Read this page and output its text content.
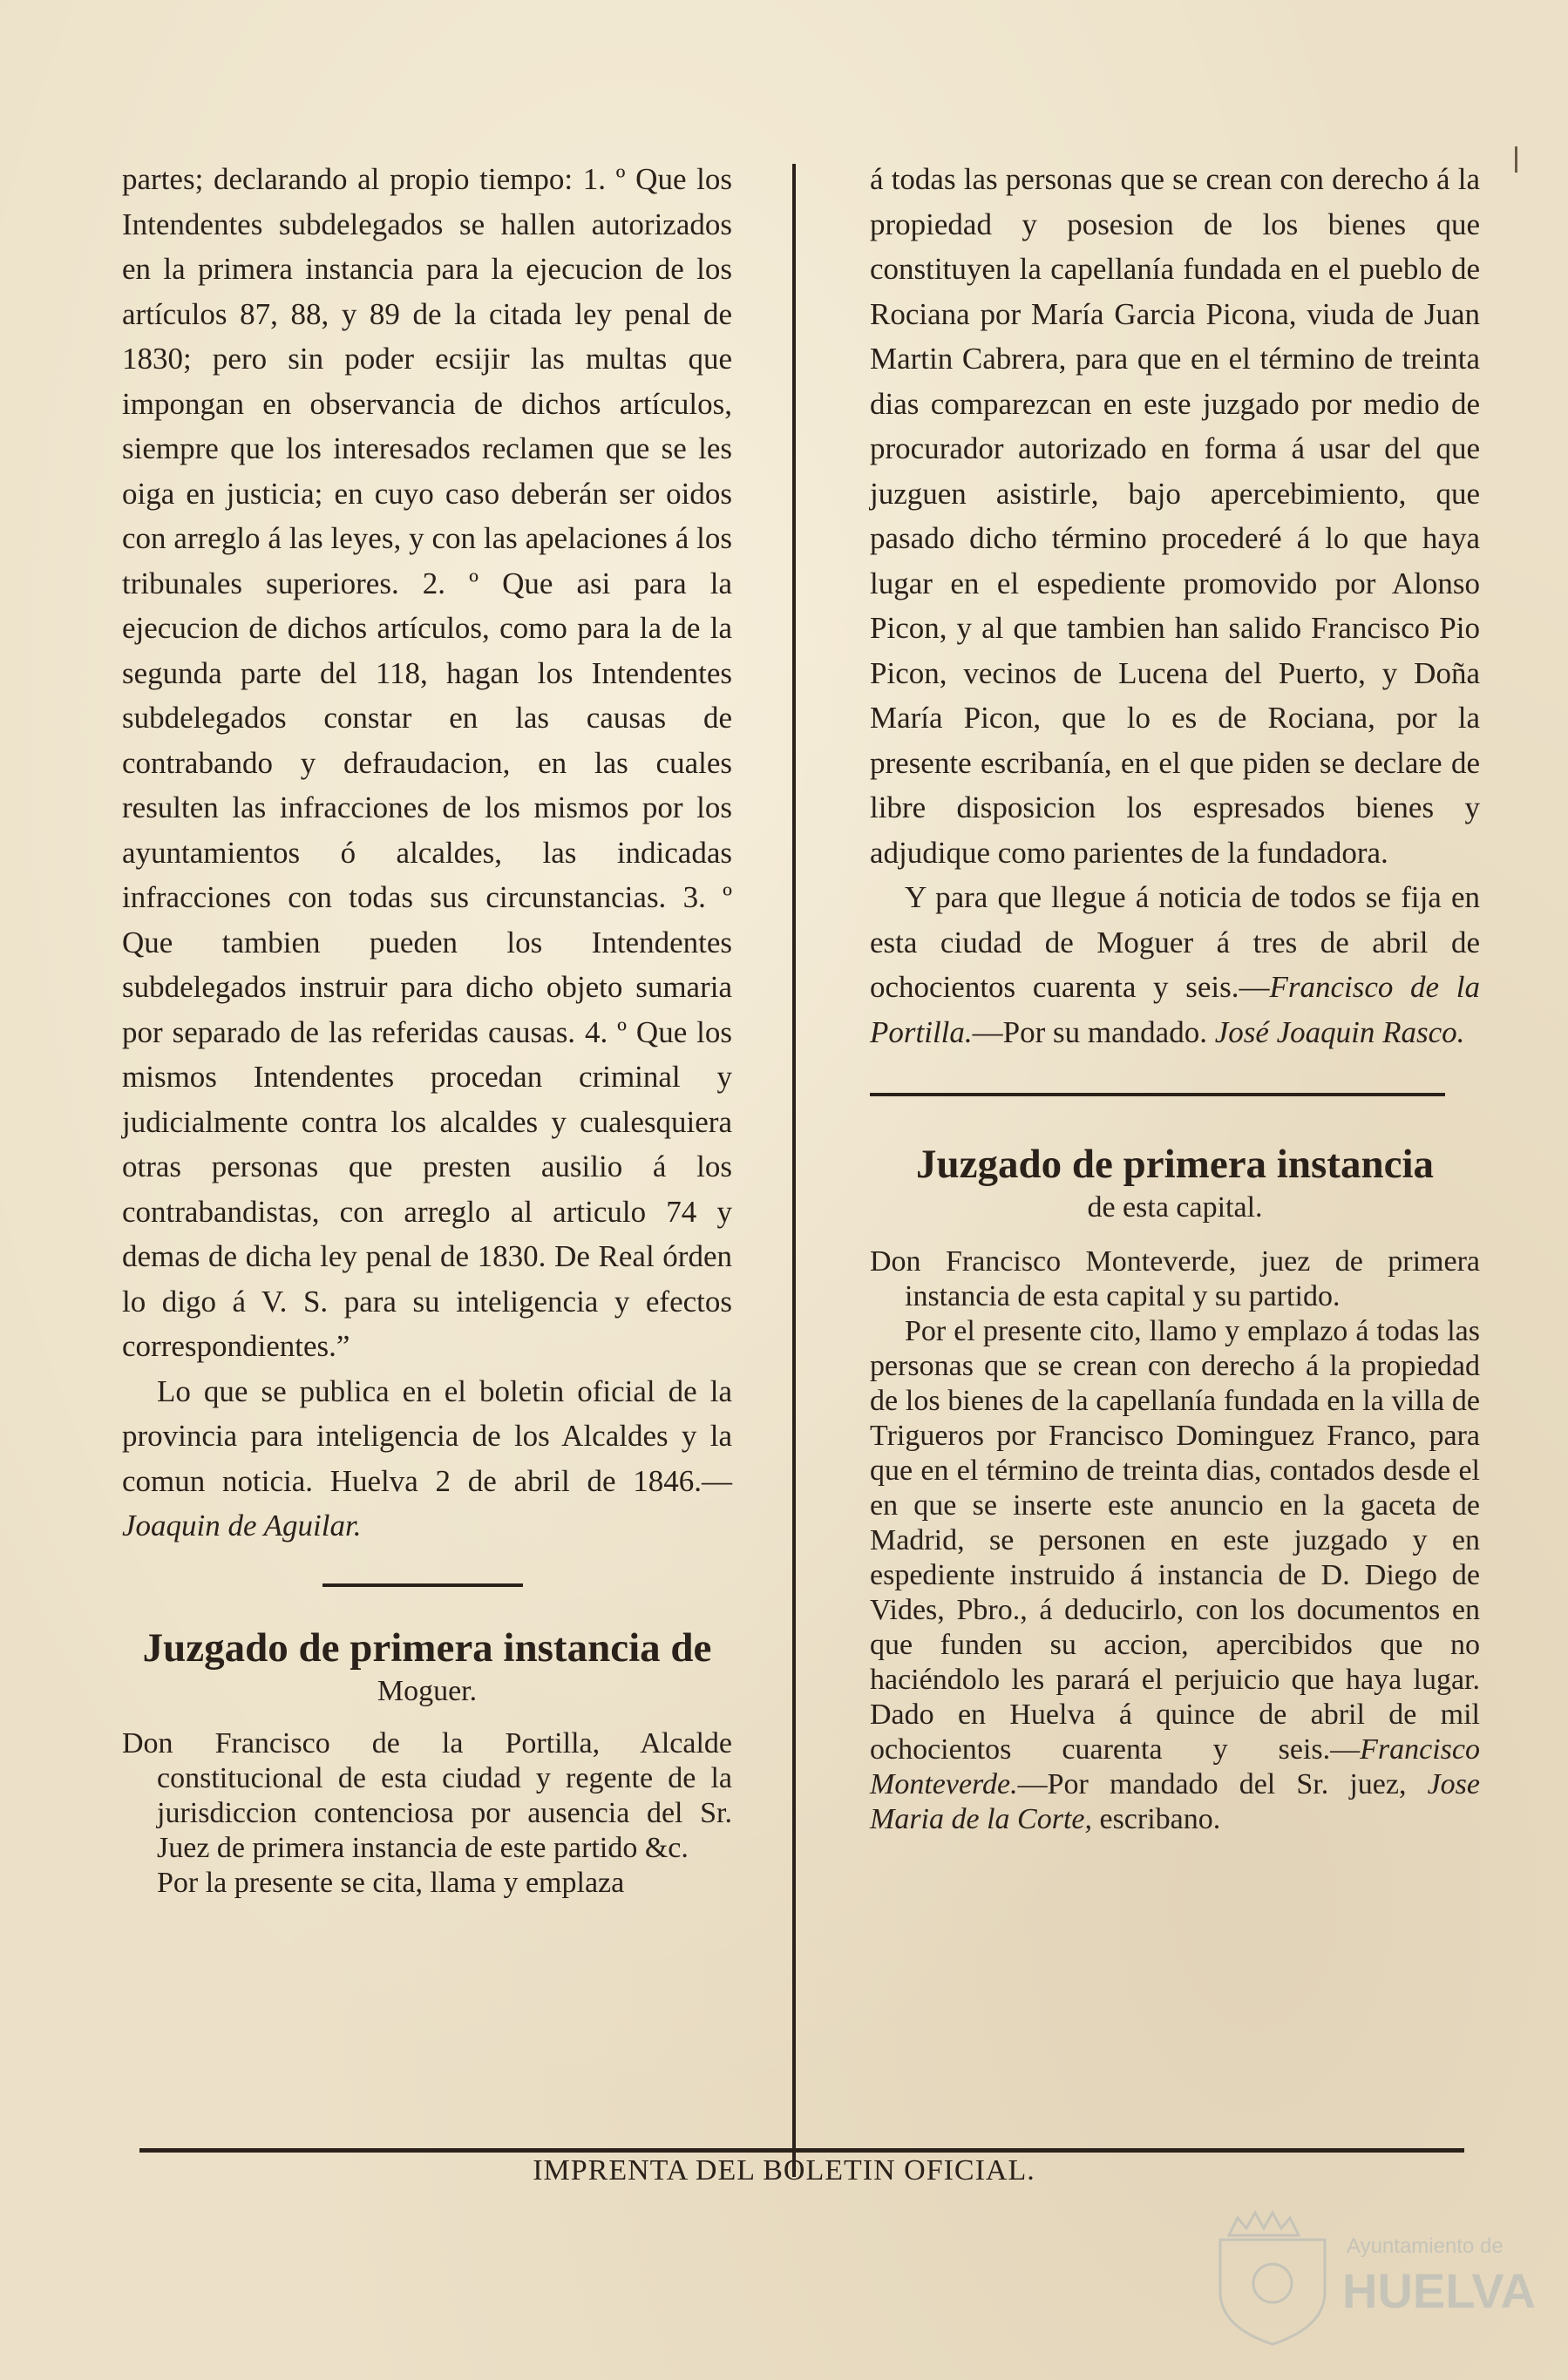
partes; declarando al propio tiempo: 1. º Que los Intendentes subdelegados se hallen autorizados en la primera instancia para la ejecucion de los artículos 87, 88, y 89 de la citada ley penal de 1830; pero sin poder ecsijir las multas que impongan en observancia de dichos artículos, siempre que los interesados reclamen que se les oiga en justicia; en cuyo caso deberán ser oidos con arreglo á las leyes, y con las apelaciones á los tribunales superiores. 2. º Que asi para la ejecucion de dichos artículos, como para la de la segunda parte del 118, hagan los Intendentes subdelegados constar en las causas de contrabando y defraudacion, en las cuales resulten las infracciones de los mismos por los ayuntamientos ó alcaldes, las indicadas infracciones con todas sus circunstancias. 3. º Que tambien pueden los Intendentes subdelegados instruir para dicho objeto sumaria por separado de las referidas causas. 4. º Que los mismos Intendentes procedan criminal y judicialmente contra los alcaldes y cualesquiera otras personas que presten ausilio á los contrabandistas, con arreglo al articulo 74 y demas de dicha ley penal de 1830. De Real órden lo digo á V. S. para su inteligencia y efectos correspondientes.”

Lo que se publica en el boletin oficial de la provincia para inteligencia de los Alcaldes y la comun noticia. Huelva 2 de abril de 1846.—Joaquin de Aguilar.

Juzgado de primera instancia de
Moguer.
Don Francisco de la Portilla, Alcalde constitucional de esta ciudad y regente de la jurisdiccion contenciosa por ausencia del Sr. Juez de primera instancia de este partido &c.
Por la presente se cita, llama y emplaza

á todas las personas que se crean con derecho á la propiedad y posesion de los bienes que constituyen la capellanía fundada en el pueblo de Rociana por María Garcia Picona, viuda de Juan Martin Cabrera, para que en el término de treinta dias comparezcan en este juzgado por medio de procurador autorizado en forma á usar del que juzguen asistirle, bajo apercebimiento, que pasado dicho término procederé á lo que haya lugar en el espediente promovido por Alonso Picon, y al que tambien han salido Francisco Pio Picon, vecinos de Lucena del Puerto, y Doña María Picon, que lo es de Rociana, por la presente escribanía, en el que piden se declare de libre disposicion los espresados bienes y adjudique como parientes de la fundadora.

Y para que llegue á noticia de todos se fija en esta ciudad de Moguer á tres de abril de ochocientos cuarenta y seis.—Francisco de la Portilla.—Por su mandado. José Joaquin Rasco.

Juzgado de primera instancia
de esta capital.
Don Francisco Monteverde, juez de primera instancia de esta capital y su partido.
Por el presente cito, llamo y emplazo á todas las personas que se crean con derecho á la propiedad de los bienes de la capellanía fundada en la villa de Trigueros por Francisco Dominguez Franco, para que en el término de treinta dias, contados desde el en que se inserte este anuncio en la gaceta de Madrid, se personen en este juzgado y en espediente instruido á instancia de D. Diego de Vides, Pbro., á deducirlo, con los documentos en que funden su accion, apercibidos que no haciéndolo les parará el perjuicio que haya lugar. Dado en Huelva á quince de abril de mil ochocientos cuarenta y seis.—Francisco Monteverde.—Por mandado del Sr. juez, Jose Maria de la Corte, escribano.
IMPRENTA DEL BOLETIN OFICIAL.
Ayuntamiento de
HUELVA
